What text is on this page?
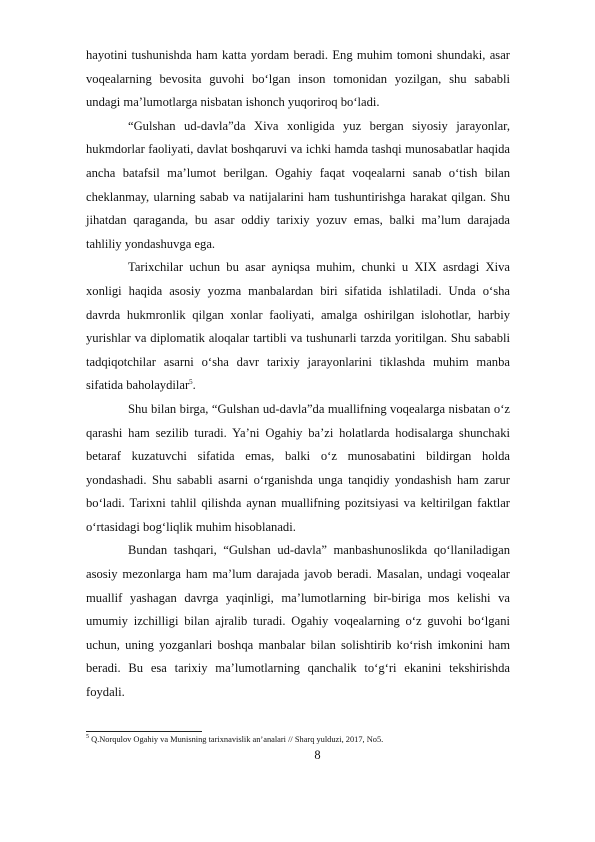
hayotini tushunishda ham katta yordam beradi. Eng muhim tomoni shundaki, asar voqealarning bevosita guvohi bo‘lgan inson tomonidan yozilgan, shu sababli undagi ma’lumotlarga nisbatan ishonch yuqoriroq bo‘ladi.

“Gulshan ud-davla”da Xiva xonligida yuz bergan siyosiy jarayonlar, hukmdorlar faoliyati, davlat boshqaruvi va ichki hamda tashqi munosabatlar haqida ancha batafsil ma’lumot berilgan. Ogahiy faqat voqealarni sanab o‘tish bilan cheklanmay, ularning sabab va natijalarini ham tushuntirishga harakat qilgan. Shu jihatdan qaraganda, bu asar oddiy tarixiy yozuv emas, balki ma’lum darajada tahliliy yondashuvga ega.

Tarixchilar uchun bu asar ayniqsa muhim, chunki u XIX asrdagi Xiva xonligi haqida asosiy yozma manbalardan biri sifatida ishlatiladi. Unda o‘sha davrda hukmronlik qilgan xonlar faoliyati, amalga oshirilgan islohotlar, harbiy yurishlar va diplomatik aloqalar tartibli va tushunarli tarzda yoritilgan. Shu sababli tadqiqotchilar asarni o‘sha davr tarixiy jarayonlarini tiklashda muhim manba sifatida baholaydilar$^5$.

Shu bilan birga, “Gulshan ud-davla”da muallifning voqealarga nisbatan o‘z qarashi ham sezilib turadi. Ya’ni Ogahiy ba’zi holatlarda hodisalarga shunchaki betaraf kuzatuvchi sifatida emas, balki o‘z munosabatini bildirgan holda yondashadi. Shu sababli asarni o‘rganishda unga tanqidiy yondashish ham zarur bo‘ladi. Tarixni tahlil qilishda aynan muallifning pozitsiyasi va keltirilgan faktlar o‘rtasidagi bog‘liqlik muhim hisoblanadi.

Bundan tashqari, “Gulshan ud-davla” manbashunoslikda qo‘llaniladigan asosiy mezonlarga ham ma’lum darajada javob beradi. Masalan, undagi voqealar muallif yashagan davrga yaqinligi, ma’lumotlarning bir-biriga mos kelishi va umumiy izchilligi bilan ajralib turadi. Ogahiy voqealarning o‘z guvohi bo‘lgani uchun, uning yozganlari boshqa manbalar bilan solishtirib ko‘rish imkonini ham beradi. Bu esa tarixiy ma’lumotlarning qanchalik to‘g‘ri ekanini tekshirishda foydali.

$^5$ Q.Norqulov Ogahiy va Munisning tarixnavislik an’analari // Sharq yulduzi, 2017, No5.
8
